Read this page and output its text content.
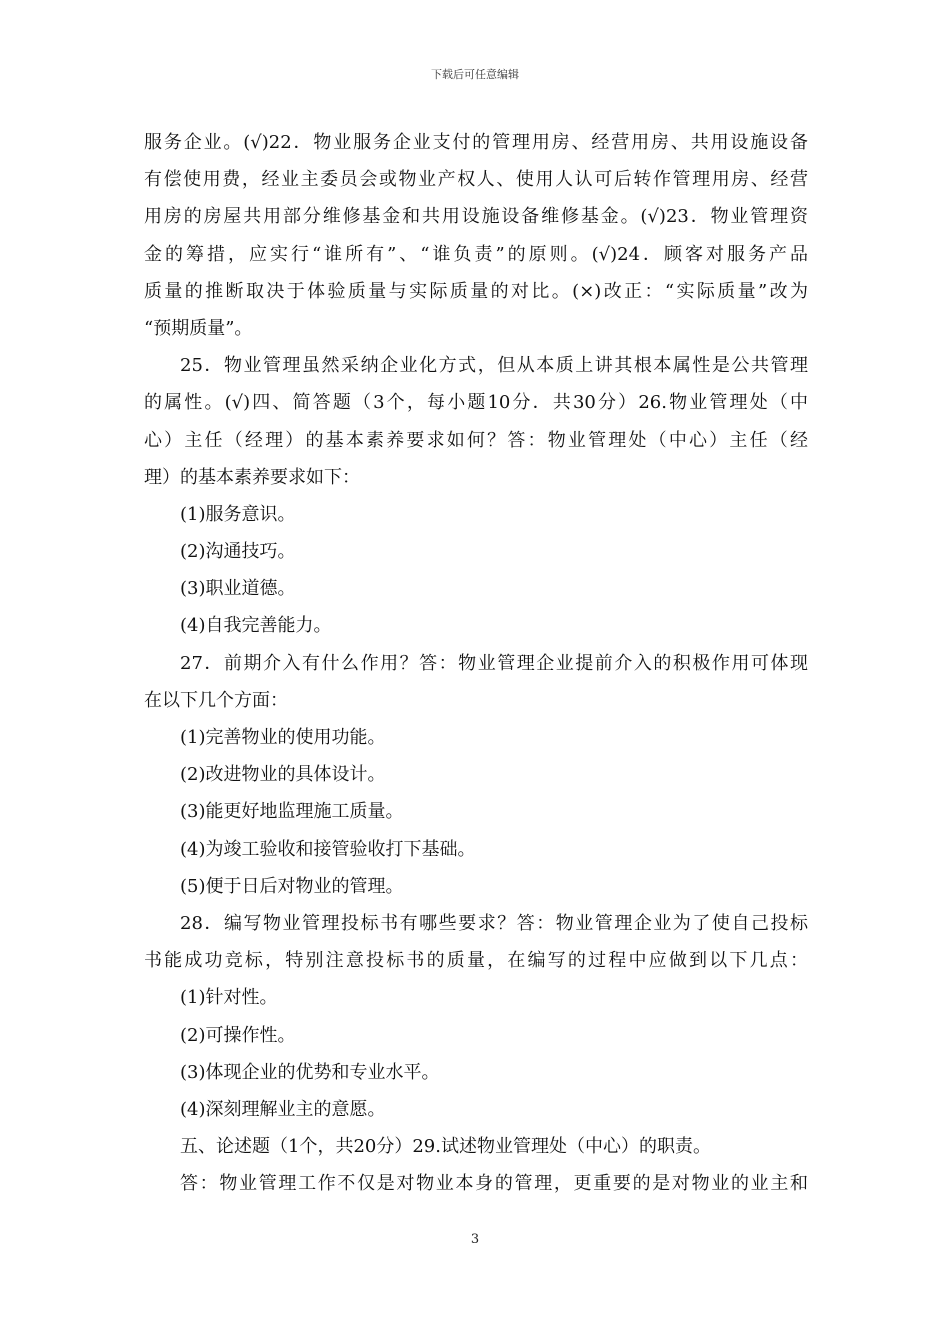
下载后可任意编辑
服务企业。(√)22．物业服务企业支付的管理用房、经营用房、共用设施设备
有偿使用费，经业主委员会或物业产权人、使用人认可后转作管理用房、经营
用房的房屋共用部分维修基金和共用设施设备维修基金。(√)23．物业管理资
金的筹措，应实行“谁所有”、“谁负责”的原则。(√)24．顾客对服务产品
质量的推断取决于体验质量与实际质量的对比。(×)改正：“实际质量”改为
“预期质量”。
25．物业管理虽然采纳企业化方式，但从本质上讲其根本属性是公共管理
的属性。(√)四、简答题（3个，每小题10分．共30分）26.物业管理处（中
心）主任（经理）的基本素养要求如何？答：物业管理处（中心）主任（经
理）的基本素养要求如下：
(1)服务意识。
(2)沟通技巧。
(3)职业道德。
(4)自我完善能力。
27．前期介入有什么作用？答：物业管理企业提前介入的积极作用可体现
在以下几个方面：
(1)完善物业的使用功能。
(2)改进物业的具体设计。
(3)能更好地监理施工质量。
(4)为竣工验收和接管验收打下基础。
(5)便于日后对物业的管理。
28．编写物业管理投标书有哪些要求？答：物业管理企业为了使自己投标
书能成功竞标，特别注意投标书的质量，在编写的过程中应做到以下几点：
(1)针对性。
(2)可操作性。
(3)体现企业的优势和专业水平。
(4)深刻理解业主的意愿。
五、论述题（1个，共20分）29.试述物业管理处（中心）的职责。
答：物业管理工作不仅是对物业本身的管理，更重要的是对物业的业主和
3
